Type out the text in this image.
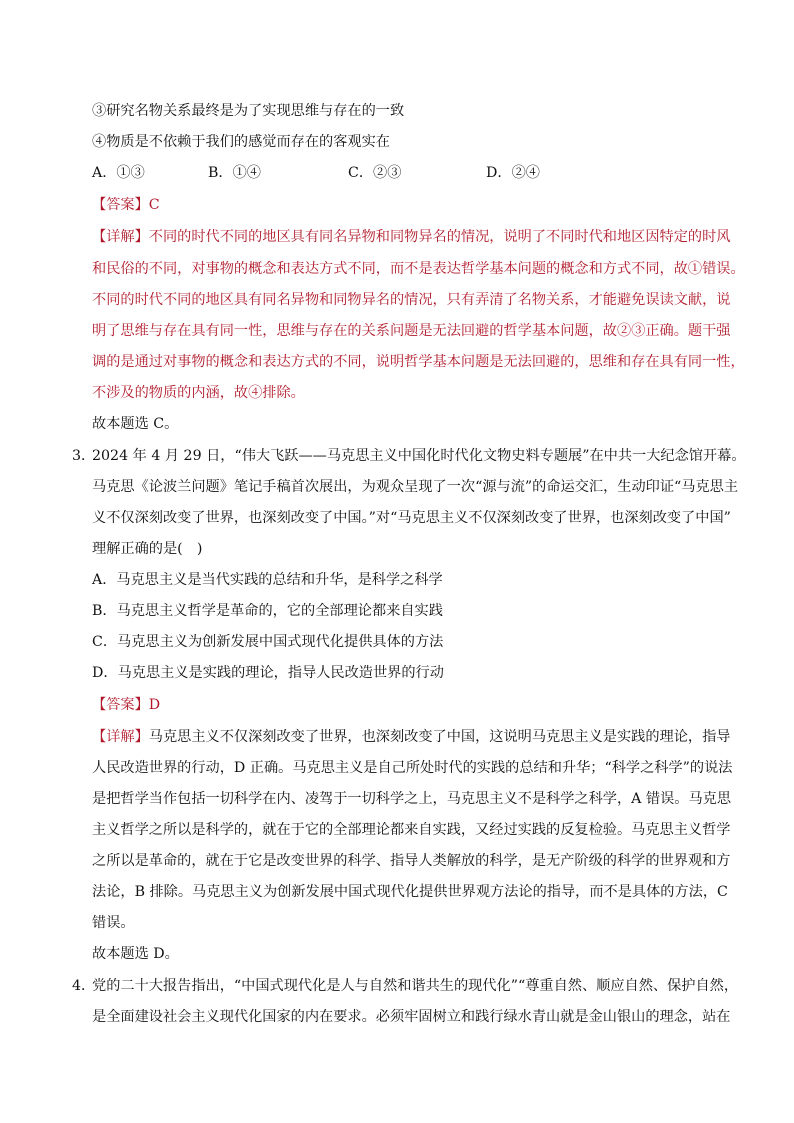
③研究名物关系最终是为了实现思维与存在的一致
④物质是不依赖于我们的感觉而存在的客观实在
A．①③	B．①④	C．②③	D．②④
【答案】C
【详解】不同的时代不同的地区具有同名异物和同物异名的情况，说明了不同时代和地区因特定的时风
和民俗的不同，对事物的概念和表达方式不同，而不是表达哲学基本问题的概念和方式不同，故①错误。
不同的时代不同的地区具有同名异物和同物异名的情况，只有弄清了名物关系，才能避免误读文献，说
明了思维与存在具有同一性，思维与存在的关系问题是无法回避的哲学基本问题，故②③正确。题干强
调的是通过对事物的概念和表达方式的不同，说明哲学基本问题是无法回避的，思维和存在具有同一性，
不涉及的物质的内涵，故④排除。
故本题选 C。
3．
2024 年 4 月 29 日，“伟大飞跃——马克思主义中国化时代化文物史料专题展”在中共一大纪念馆开幕。
马克思《论波兰问题》笔记手稿首次展出，为观众呈现了一次“源与流”的命运交汇，生动印证“马克思主
义不仅深刻改变了世界，也深刻改变了中国。”对“马克思主义不仅深刻改变了世界，也深刻改变了中国”
理解正确的是(　)
A．马克思主义是当代实践的总结和升华，是科学之科学
B．马克思主义哲学是革命的，它的全部理论都来自实践
C．马克思主义为创新发展中国式现代化提供具体的方法
D．马克思主义是实践的理论，指导人民改造世界的行动
【答案】D
【详解】马克思主义不仅深刻改变了世界，也深刻改变了中国，这说明马克思主义是实践的理论，指导
人民改造世界的行动，D 正确。马克思主义是自己所处时代的实践的总结和升华；“科学之科学”的说法
是把哲学当作包括一切科学在内、凌驾于一切科学之上，马克思主义不是科学之科学，A 错误。马克思
主义哲学之所以是科学的，就在于它的全部理论都来自实践，又经过实践的反复检验。马克思主义哲学
之所以是革命的，就在于它是改变世界的科学、指导人类解放的科学，是无产阶级的科学的世界观和方
法论，B 排除。马克思主义为创新发展中国式现代化提供世界观方法论的指导，而不是具体的方法，C
错误。
故本题选 D。
4．
党的二十大报告指出，“中国式现代化是人与自然和谐共生的现代化”“尊重自然、顺应自然、保护自然，
是全面建设社会主义现代化国家的内在要求。必须牢固树立和践行绿水青山就是金山银山的理念，站在
